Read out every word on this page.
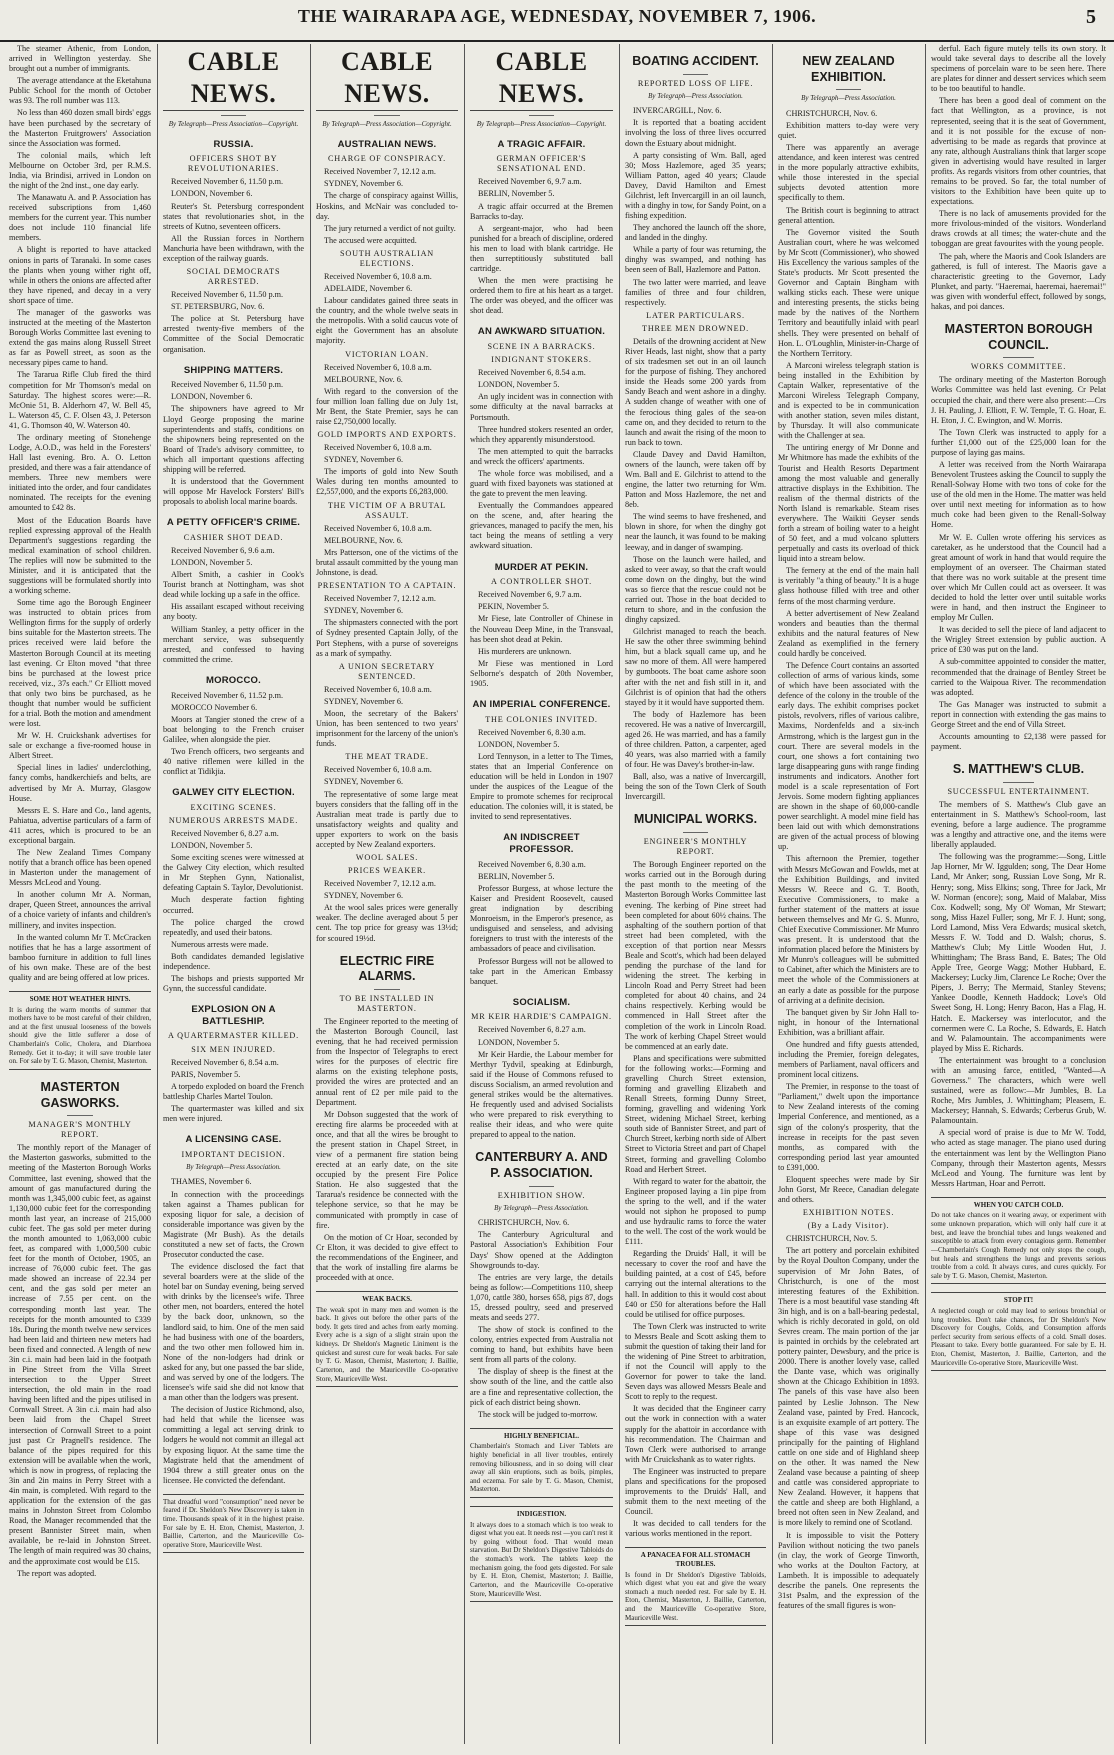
THE WAIRARAPA AGE, WEDNESDAY, NOVEMBER 7, 1906.	5

The steamer Athenic, from London, arrived in Wellington yesterday. She brought out a number of immigrants.

The average attendance at the Eketahuna Public School for the month of October was 93. The roll number was 113.

No less than 460 dozen small birds' eggs have been purchased by the secretary of the Masterton Fruitgrowers' Association since the Association was formed.

The colonial mails, which left Melbourne on October 3rd, per R.M.S. India, via Brindisi, arrived in London on the night of the 2nd inst., one day early.

The Manawatu A. and P. Association has received subscriptions from 1,460 members for the current year. This number does not include 110 financial life members.

A blight is reported to have attacked onions in parts of Taranaki. In some cases the plants when young wither right off, while in others the onions are affected after they have ripened, and decay in a very short space of time.

The manager of the gasworks was instructed at the meeting of the Masterton Borough Works Committee last evening to extend the gas mains along Russell Street as far as Powell street, as soon as the necessary pipes came to hand.

The Tararua Rifle Club fired the third competition for Mr Thomson's medal on Saturday. The highest scores were:—R. McOnie 51, B. Alderhorn 47, W. Bell 45, L. Waterson 45, C. F. Olsen 43, J. Peterson 41, G. Thomson 40, W. Waterson 40.

The ordinary meeting of Stonehenge Lodge, A.O.D., was held in the Foresters' Hall last evening. Bro. A. O. Letton presided, and there was a fair attendance of members. Three new members were initiated into the order, and four candidates nominated. The receipts for the evening amounted to £42 8s.

Most of the Education Boards have replied expressing approval of the Health Department's suggestions regarding the medical examination of school children. The replies will now be submitted to the Minister, and it is anticipated that the suggestions will be formulated shortly into a working scheme.

Some time ago the Borough Engineer was instructed to obtain prices from Wellington firms for the supply of orderly bins suitable for the Masterton streets. The prices received were laid before the Masterton Borough Council at its meeting last evening. Cr Elton moved "that three bins be purchased at the lowest price received, viz., 37s each." Cr Elliott moved that only two bins be purchased, as he thought that number would be sufficient for a trial. Both the motion and amendment were lost.

Mr W. H. Cruickshank advertises for sale or exchange a five-roomed house in Albert Street.

Special lines in ladies' underclothing, fancy combs, handkerchiefs and belts, are advertised by Mr A. Murray, Glasgow House.

Messrs E. S. Hare and Co., land agents, Pahiatua, advertise particulars of a farm of 411 acres, which is procured to be an exceptional bargain.

The New Zealand Times Company notify that a branch office has been opened in Masterton under the management of Messrs McLeod and Young.

In another column Mr A. Norman, draper, Queen Street, announces the arrival of a choice variety of infants and children's millinery, and invites inspection.

In the wanted column Mr T. McCracken notifies that he has a large assortment of bamboo furniture in addition to full lines of his own make. These are of the best quality and are being offered at low prices.

SOME HOT WEATHER HINTS.
It is during the warm months of summer that mothers have to be most careful of their children, and at the first unusual looseness of the bowels should give the little sufferer a dose of Chamberlain's Colic, Cholera, and Diarrhoea Remedy. Get it to-day; it will save trouble later on. For sale by T. G. Mason, Chemist, Masterton.
MASTERTON GASWORKS.
MANAGER'S MONTHLY REPORT.

The monthly report of the Manager of the Masterton gasworks, submitted to the meeting of the Masterton Borough Works Committee, last evening, showed that the amount of gas manufactured during the month was 1,345,000 cubic feet, as against 1,130,000 cubic feet for the corresponding month last year, an increase of 215,000 cubic feet. The gas sold per meter during the month amounted to 1,063,000 cubic feet, as compared with 1,000,500 cubic feet for the month of October, 1905, an increase of 76,000 cubic feet. The gas made showed an increase of 22.34 per cent, and the gas sold per meter an increase of 7.55 per cent. on the corresponding month last year. The receipts for the month amounted to £339 18s. During the month twelve new services had been laid and thirteen new meters had been fixed and connected. A length of new 3in c.i. main had been laid in the footpath in Pine Street from the Villa Street intersection to the Upper Street intersection, the old main in the road having been lifted and the pipes utilised in Cornwall Street. A 3in c.i. main had also been laid from the Chapel Street intersection of Cornwall Street to a point just past Cr Pragnell's residence. The balance of the pipes required for this extension will be available when the work, which is now in progress, of replacing the 3in and 2in mains in Perry Street with a 4in main, is completed. With regard to the application for the extension of the gas mains in Johnston Street from Colombo Road, the Manager recommended that the present Bannister Street main, when available, be re-laid in Johnston Street. The length of main required was 30 chains, and the approximate cost would be £15.

The report was adopted.

CABLE NEWS.
By Telegraph—Press Association—Copyright.
RUSSIA.
OFFICERS SHOT BY REVOLUTIONARIES.

Received November 6, 11.50 p.m.

LONDON, November 6.

Reuter's St. Petersburg correspondent states that revolutionaries shot, in the streets of Kutno, seventeen officers.

All the Russian forces in Northern Manchuria have been withdrawn, with the exception of the railway guards.

SOCIAL DEMOCRATS ARRESTED.

Received November 6, 11.50 p.m.

ST. PETERSBURG, Nov. 6.

The police at St. Petersburg have arrested twenty-five members of the Committee of the Social Democratic organisation.

SHIPPING MATTERS.

Received November 6, 11.50 p.m.

LONDON, November 6.

The shipowners have agreed to Mr Lloyd George proposing the marine superintendents and staffs, conditions on the shipowners being represented on the Board of Trade's advisory committee, to which all important questions affecting shipping will be referred.

It is understood that the Government will oppose Mr Havelock Forsters' Bill's proposals to abolish local marine boards.

A PETTY OFFICER'S CRIME.
CASHIER SHOT DEAD.

Received November 6, 9.6 a.m.

LONDON, November 5.

Albert Smith, a cashier in Cook's Tourist branch at Nottingham, was shot dead while locking up a safe in the office.

His assailant escaped without receiving any booty.

William Stanley, a petty officer in the merchant service, was subsequently arrested, and confessed to having committed the crime.

MOROCCO.

Received November 6, 11.52 p.m.

MOROCCO November 6.

Moors at Tangier stoned the crew of a boat belonging to the French cruiser Galilee, when alongside the pier.

Two French officers, two sergeants and 40 native riflemen were killed in the conflict at Tidikjia.

GALWEY CITY ELECTION.
EXCITING SCENES.
NUMEROUS ARRESTS MADE.

Received November 6, 8.27 a.m.

LONDON, November 5.

Some exciting scenes were witnessed at the Galwey City election, which resulted in Mr Stephen Gynn, Nationalist, defeating Captain S. Taylor, Devolutionist.

Much desperate faction fighting occurred.

The police charged the crowd repeatedly, and used their batons.

Numerous arrests were made.

Both candidates demanded legislative independence.

The bishops and priests supported Mr Gynn, the successful candidate.

EXPLOSION ON A BATTLESHIP.
A QUARTERMASTER KILLED.
SIX MEN INJURED.

Received November 6, 8.54 a.m.

PARIS, November 5.

A torpedo exploded on board the French battleship Charles Martel Toulon.

The quartermaster was killed and six men were injured.

A LICENSING CASE.
IMPORTANT DECISION.
By Telegraph—Press Association.

THAMES, November 6.

In connection with the proceedings taken against a Thames publican for exposing liquor for sale, a decision of considerable importance was given by the Magistrate (Mr Bush). As the details constituted a new set of facts, the Crown Prosecutor conducted the case.

The evidence disclosed the fact that several boarders were at the slide of the hotel bar on Sunday evening, being served with drinks by the licensee's wife. Three other men, not boarders, entered the hotel by the back door, unknown, so the landlord said, to him. One of the men said he had business with one of the boarders, and the two other men followed him in. None of the non-lodgers had drink or asked for any, but one passed the bar slide, and was served by one of the lodgers. The licensee's wife said she did not know that a man other than the lodgers was present.

The decision of Justice Richmond, also, had held that while the licensee was committing a legal act serving drink to lodgers he would not commit an illegal act by exposing liquor. At the same time the Magistrate held that the amendment of 1904 threw a still greater onus on the licensee. He convicted the defendant.

That dreadful word "consumption" need never be feared if Dr. Sheldon's New Discovery is taken in time. Thousands speak of it in the highest praise. For sale by E. H. Eton, Chemist, Masterton, J. Baillie, Carterton, and the Mauriceville Co-operative Store, Mauriceville West.
CABLE NEWS.
By Telegraph—Press Association—Copyright.
AUSTRALIAN NEWS.
CHARGE OF CONSPIRACY.

Received November 7, 12.12 a.m.

SYDNEY, November 6.

The charge of conspiracy against Willis, Hoskins, and McNair was concluded to-day.

The jury returned a verdict of not guilty.

The accused were acquitted.

SOUTH AUSTRALIAN ELECTIONS.

Received November 6, 10.8 a.m.

ADELAIDE, November 6.

Labour candidates gained three seats in the country, and the whole twelve seats in the metropolis. With a solid caucus vote of eight the Government has an absolute majority.

VICTORIAN LOAN.

Received November 6, 10.8 a.m.

MELBOURNE, Nov. 6.

With regard to the conversion of the four million loan falling due on July 1st, Mr Bent, the State Premier, says he can raise £2,750,000 locally.

GOLD IMPORTS AND EXPORTS.

Received November 6, 10.8 a.m.

SYDNEY, November 6.

The imports of gold into New South Wales during ten months amounted to £2,557,000, and the exports £6,283,000.

THE VICTIM OF A BRUTAL ASSAULT.

Received November 6, 10.8 a.m.

MELBOURNE, Nov. 6.

Mrs Patterson, one of the victims of the brutal assault committed by the young man Johnstone, is dead.

PRESENTATION TO A CAPTAIN.

Received November 7, 12.12 a.m.

SYDNEY, November 6.

The shipmasters connected with the port of Sydney presented Captain Jolly, of the Port Stephens, with a purse of sovereigns as a mark of sympathy.

A UNION SECRETARY SENTENCED.

Received November 6, 10.8 a.m.

SYDNEY, November 6.

Moon, the secretary of the Bakers' Union, has been sentenced to two years' imprisonment for the larceny of the union's funds.

THE MEAT TRADE.

Received November 6, 10.8 a.m.

SYDNEY, November 6.

The representative of some large meat buyers considers that the falling off in the Australian meat trade is partly due to unsatisfactory weights and quality and upper exporters to work on the basis accepted by New Zealand exporters.

WOOL SALES.
PRICES WEAKER.

Received November 7, 12.12 a.m.

SYDNEY, November 6.

At the wool sales prices were generally weaker. The decline averaged about 5 per cent. The top price for greasy was 13½d; for scoured 19½d.

ELECTRIC FIRE ALARMS.
TO BE INSTALLED IN MASTERTON.

The Engineer reported to the meeting of the Masterton Borough Council, last evening, that he had received permission from the Inspector of Telegraphs to erect wires for the purposes of electric fire alarms on the existing telephone posts, provided the wires are protected and an annual rent of £2 per mile paid to the Department.

Mr Dobson suggested that the work of erecting fire alarms be proceeded with at once, and that all the wires be brought to the present station in Chapel Street, in view of a permanent fire station being erected at an early date, on the site occupied by the present Fire Police Station. He also suggested that the Tararua's residence be connected with the telephone service, so that he may be communicated with promptly in case of fire.

On the motion of Cr Hoar, seconded by Cr Elton, it was decided to give effect to the recommendations of the Engineer, and that the work of installing fire alarms be proceeded with at once.

WEAK BACKS.
The weak spot in many men and women is the back. It gives out before the other parts of the body. It gets tired and aches from early morning. Every ache is a sign of a slight strain upon the kidneys. Dr Sheldon's Magnetic Liniment is the quickest and surest cure for weak backs. For sale by T. G. Mason, Chemist, Masterton; J. Baillie, Carterton, and the Mauriceville Co-operative Store, Mauriceville West.
CABLE NEWS.
By Telegraph—Press Association—Copyright.
A TRAGIC AFFAIR.
GERMAN OFFICER'S SENSATIONAL END.

Received November 6, 9.7 a.m.

BERLIN, November 5.

A tragic affair occurred at the Bremen Barracks to-day.

A sergeant-major, who had been punished for a breach of discipline, ordered his men to load with blank cartridge. He then surreptitiously substituted ball cartridge.

When the men were practising he ordered them to fire at his heart as a target. The order was obeyed, and the officer was shot dead.

AN AWKWARD SITUATION.
SCENE IN A BARRACKS.
INDIGNANT STOKERS.

Received November 6, 8.54 a.m.

LONDON, November 5.

An ugly incident was in connection with some difficulty at the naval barracks at Portsmouth.

Three hundred stokers resented an order, which they apparently misunderstood.

The men attempted to quit the barracks and wreck the officers' apartments.

The whole force was mobilised, and a guard with fixed bayonets was stationed at the gate to prevent the men leaving.

Eventually the Commandoes appeared on the scene, and, after hearing the grievances, managed to pacify the men, his tact being the means of settling a very awkward situation.

MURDER AT PEKIN.
A CONTROLLER SHOT.

Received November 6, 9.7 a.m.

PEKIN, November 5.

Mr Fiese, late Controller of Chinese in the Nouveau Deep Mine, in the Transvaal, has been shot dead at Pekin.

His murderers are unknown.

Mr Fiese was mentioned in Lord Selborne's despatch of 20th November, 1905.

AN IMPERIAL CONFERENCE.
THE COLONIES INVITED.

Received November 6, 8.30 a.m.

LONDON, November 5.

Lord Tennyson, in a letter to The Times, states that an Imperial Conference on education will be held in London in 1907 under the auspices of the League of the Empire to promote schemes for reciprocal education. The colonies will, it is stated, be invited to send representatives.

AN INDISCREET PROFESSOR.

Received November 6, 8.30 a.m.

BERLIN, November 5.

Professor Burgess, at whose lecture the Kaiser and President Roosevelt, caused great indignation by describing Monroeism, in the Emperor's presence, as undisguised and senseless, and advising foreigners to trust with the interests of the ambassadors of peace and civilisation.

Professor Burgess will not be allowed to take part in the American Embassy banquet.

SOCIALISM.
MR KEIR HARDIE'S CAMPAIGN.

Received November 6, 8.27 a.m.

LONDON, November 5.

Mr Keir Hardie, the Labour member for Merthyr Tydvil, speaking at Edinburgh, said if the House of Commons refused to discuss Socialism, an armed revolution and general strikes would be the alternatives. He frequently used and advised Socialists who were prepared to risk everything to realise their ideas, and who were quite prepared to appeal to the nation.

CANTERBURY A. AND P. ASSOCIATION.
EXHIBITION SHOW.
By Telegraph—Press Association.

CHRISTCHURCH, Nov. 6.

The Canterbury Agricultural and Pastoral Association's Exhibition Four Days' Show opened at the Addington Showgrounds to-day.

The entries are very large, the details being as follow:—Competitions 110, sheep 1,070, cattle 380, horses 658, pigs 87, dogs 15, dressed poultry, seed and preserved meats and seeds 277.

The show of stock is confined to the colony, entries expected from Australia not coming to hand, but exhibits have been sent from all parts of the colony.

The display of sheep is the finest at the show south of the line, and the cattle also are a fine and representative collection, the pick of each district being shown.

The stock will be judged to-morrow.

HIGHLY BENEFICIAL.
Chamberlain's Stomach and Liver Tablets are highly beneficial in all liver troubles, entirely removing biliousness, and in so doing will clear away all skin eruptions, such as boils, pimples, and eczema. For sale by T. G. Mason, Chemist, Masterton.
INDIGESTION.
It always does to a stomach which is too weak to digest what you eat. It needs rest —you can't rest it by going without food. That would mean starvation. But Dr Sheldon's Digestive Tabloids do the stomach's work. The tablets keep the mechanism going, the food gets digested. For sale by E. H. Eton, Chemist, Masterton; J. Baillie, Carterton, and the Mauriceville Co-operative Store, Mauriceville West.
BOATING ACCIDENT.
REPORTED LOSS OF LIFE.
By Telegraph—Press Association.

INVERCARGILL, Nov. 6.

It is reported that a boating accident involving the loss of three lives occurred down the Estuary about midnight.

A party consisting of Wm. Ball, aged 30; Moss Hazlemore, aged 35 years; William Patton, aged 40 years; Claude Davey, David Hamilton and Ernest Gilchrist, left Invercargill in an oil launch, with a dinghy in tow, for Sandy Point, on a fishing expedition.

They anchored the launch off the shore, and landed in the dinghy.

While a party of four was returning, the dinghy was swamped, and nothing has been seen of Ball, Hazlemore and Patton.

The two latter were married, and leave families of three and four children, respectively.

LATER PARTICULARS.
THREE MEN DROWNED.

Details of the drowning accident at New River Heads, last night, show that a party of six tradesmen set out in an oil launch for the purpose of fishing. They anchored inside the Heads some 200 yards from Sandy Beach and went ashore in a dinghy. A sudden change of weather with one of the ferocious thing gales of the sea-on came on, and they decided to return to the launch and await the rising of the moon to run back to town.

Claude Davey and David Hamilton, owners of the launch, were taken off by Wm. Ball and E. Gilchrist to attend to the engine, the latter two returning for Wm. Patton and Moss Hazlemore, the net and 8eb.

The wind seems to have freshened, and blown in shore, for when the dinghy got near the launch, it was found to be making leeway, and in danger of swamping.

Those on the launch were hailed, and asked to veer away, so that the craft would come down on the dinghy, but the wind was so fierce that the rescue could not be carried out. Those in the boat decided to return to shore, and in the confusion the dinghy capsized.

Gilchrist managed to reach the beach. He saw the other three swimming behind him, but a black squall came up, and he saw no more of them. All were hampered by gumboots. The boat came ashore soon after with the net and fish still in it, and Gilchrist is of opinion that had the others stayed by it it would have supported them.

The body of Hazlemore has been recovered. He was a native of Invercargill, aged 26. He was married, and has a family of three children. Patton, a carpenter, aged 40 years, was also married with a family of four. He was Davey's brother-in-law.

Ball, also, was a native of Invercargill, being the son of the Town Clerk of South Invercargill.

MUNICIPAL WORKS.
ENGINEER'S MONTHLY REPORT.

The Borough Engineer reported on the works carried out in the Borough during the past month to the meeting of the Masterton Borough Works Committee last evening. The kerbing of Pine street had been completed for about 60½ chains. The asphalting of the southern portion of that street had been completed, with the exception of that portion near Messrs Beale and Scott's, which had been delayed pending the purchase of the land for widening the street. The kerbing in Lincoln Road and Perry Street had been completed for about 40 chains, and 24 chains respectively. Kerbing would be commenced in Hall Street after the completion of the work in Lincoln Road. The work of kerbing Chapel Street would be commenced at an early date.

Plans and specifications were submitted for the following works:—Forming and gravelling Church Street extension, forming and gravelling Elizabeth and Renall Streets, forming Dunny Street, forming, gravelling and widening York Street, widening Michael Street, kerbing south side of Bannister Street, and part of Church Street, kerbing north side of Albert Street to Victoria Street and part of Chapel Street, forming and gravelling Colombo Road and Herbert Street.

With regard to water for the abattoir, the Engineer proposed laying a 1in pipe from the spring to the well, and if the water would not siphon he proposed to pump and use hydraulic rams to force the water to the well. The cost of the work would be £111.

Regarding the Druids' Hall, it will be necessary to cover the roof and have the building painted, at a cost of £45, before carrying out the internal alterations to the hall. In addition to this it would cost about £40 or £50 for alterations before the Hall could be utilised for office purposes.

The Town Clerk was instructed to write to Messrs Beale and Scott asking them to submit the question of taking their land for the widening of Pine Street to arbitration, if not the Council will apply to the Governor for power to take the land. Seven days was allowed Messrs Beale and Scott to reply to the request.

It was decided that the Engineer carry out the work in connection with a water supply for the abattoir in accordance with his recommendation. The Chairman and Town Clerk were authorised to arrange with Mr Cruickshank as to water rights.

The Engineer was instructed to prepare plans and specifications for the proposed improvements to the Druids' Hall, and submit them to the next meeting of the Council.

It was decided to call tenders for the various works mentioned in the report.

A PANACEA FOR ALL STOMACH TROUBLES.
Is found in Dr Sheldon's Digestive Tabloids, which digest what you eat and give the weary stomach a much needed rest. For sale by E. H. Eton, Chemist, Masterton, J. Baillie, Carterton, and the Mauriceville Co-operative Store, Mauriceville West.
NEW ZEALAND EXHIBITION.
By Telegraph—Press Association.

CHRISTCHURCH, Nov. 6.

Exhibition matters to-day were very quiet.

There was apparently an average attendance, and keen interest was centred in the more popularly attractive exhibits, while those interested in the special subjects devoted attention more specifically to them.

The British court is beginning to attract general attention.

The Governor visited the South Australian court, where he was welcomed by Mr Scott (Commissioner), who showed His Excellency the various samples of the State's products. Mr Scott presented the Governor and Captain Bingham with walking sticks each. These were unique and interesting presents, the sticks being made by the natives of the Northern Territory and beautifully inlaid with pearl shells. They were presented on behalf of Hon. L. O'Loughlin, Minister-in-Charge of the Northern Territory.

A Marconi wireless telegraph station is being installed in the Exhibition by Captain Walker, representative of the Marconi Wireless Telegraph Company, and is expected to be in communication with another station, seven miles distant, by Thursday. It will also communicate with the Challenger at sea.

The untiring energy of Mr Donne and Mr Whitmore has made the exhibits of the Tourist and Health Resorts Department among the most valuable and generally attractive displays in the Exhibition. The realism of the thermal districts of the North Island is remarkable. Steam rises everywhere. The Waikiti Geyser sends forth a stream of boiling water to a height of 50 feet, and a mud volcano splutters perpetually and casts its overload of thick liquid into a stream below.

The fernery at the end of the main hall is veritably "a thing of beauty." It is a huge glass hothouse filled with tree and other ferns of the most charming verdure.

A better advertisement of New Zealand wonders and beauties than the thermal exhibits and the natural features of New Zealand as exemplified in the fernery could hardly be conceived.

The Defence Court contains an assorted collection of arms of various kinds, some of which have been associated with the defence of the colony in the trouble of the early days. The exhibit comprises pocket pistols, revolvers, rifles of various calibre, Maxims, Nordenfelds and a six-inch Armstrong, which is the largest gun in the court. There are several models in the court, one shows a fort containing two large disappearing guns with range finding instruments and indicators. Another fort model is a scale representation of Fort Jervois. Some modern fighting appliances are shown in the shape of 60,000-candle power searchlight. A model mine field has been laid out with which demonstrations are given of the actual process of blowing up.

This afternoon the Premier, together with Messrs McGowan and Fowlds, met at the Exhibition Buildings, and invited Messrs W. Reece and G. T. Booth, Executive Commissioners, to make a further statement of the matters at issue between themselves and Mr G. S. Munro, Chief Executive Commissioner. Mr Munro was present. It is understood that the information placed before the Ministers by Mr Munro's colleagues will be submitted to Cabinet, after which the Ministers are to meet the whole of the Commissioners at an early a date as possible for the purpose of arriving at a definite decision.

The banquet given by Sir John Hall to-night, in honour of the International Exhibition, was a brilliant affair.

One hundred and fifty guests attended, including the Premier, foreign delegates, members of Parliament, naval officers and prominent local citizens.

The Premier, in response to the toast of "Parliament," dwelt upon the importance to New Zealand interests of the coming Imperial Conference, and mentioned, as a sign of the colony's prosperity, that the increase in receipts for the past seven months, as compared with the corresponding period last year amounted to £391,000.

Eloquent speeches were made by Sir John Gorst, Mr Reece, Canadian delegate and others.

EXHIBITION NOTES.
(By a Lady Visitor).

CHRISTCHURCH, Nov. 5.

The art pottery and porcelain exhibited by the Royal Doulton Company, under the supervision of Mr John Bates, of Christchurch, is one of the most interesting features of the Exhibition. There is a most beautiful vase standing 4ft 3in high, and is on a ball-bearing pedestal, which is richly decorated in gold, on old Sevres cream. The main portion of the jar is painted in orchids by the celebrated art pottery painter, Dewsbury, and the price is 2000. There is another lovely vase, called the Dante vase, which was originally shown at the Chicago Exhibition in 1893. The panels of this vase have also been painted by Leslie Johnson. The New Zealand vase, painted by Fred. Hancock, is an exquisite example of art pottery. The shape of this vase was designed principally for the painting of Highland cattle on one side and of Highland sheep on the other. It was named the New Zealand vase because a painting of sheep and cattle was considered appropriate to New Zealand. However, it happens that the cattle and sheep are both Highland, a breed not often seen in New Zealand, and is more likely to remind one of Scotland.

It is impossible to visit the Pottery Pavilion without noticing the two panels (in clay, the work of George Tinworth, who works at the Doulton Factory, at Lambeth. It is impossible to adequately describe the panels. One represents the 31st Psalm, and the expression of the features of the small figures is won-

derful. Each figure mutely tells its own story. It would take several days to describe all the lovely specimens of porcelain ware to be seen here. There are plates for dinner and dessert services which seem to be too beautiful to handle.

There has been a good deal of comment on the fact that Wellington, as a province, is not represented, seeing that it is the seat of Government, and it is not possible for the excuse of non-advertising to be made as regards that province at any rate, although Australians think that larger scope given in advertising would have resulted in larger profits. As regards visitors from other countries, that remains to be proved. So far, the total number of visitors to the Exhibition have been quite up to expectations.

There is no lack of amusements provided for the more frivolous-minded of the visitors. Wonderland draws crowds at all times; the water-chute and the toboggan are great favourites with the young people.

The pah, where the Maoris and Cook Islanders are gathered, is full of interest. The Maoris gave a characteristic greeting to the Governor, Lady Plunket, and party. "Haeremai, haeremai, haeremai!" was given with wonderful effect, followed by songs, hakas, and poi dances.

MASTERTON BOROUGH COUNCIL.
WORKS COMMITTEE.

The ordinary meeting of the Masterton Borough Works Committee was held last evening. Cr Pelat occupied the chair, and there were also present:—Crs J. H. Pauling, J. Elliott, F. W. Temple, T. G. Hoar, E. H. Eton, J. C. Ewington, and W. Morris.

The Town Clerk was instructed to apply for a further £1,000 out of the £25,000 loan for the purpose of laying gas mains.

A letter was received from the North Wairarapa Benevolent Trustees asking the Council to supply the Renall-Solway Home with two tons of coke for the use of the old men in the Home. The matter was held over until next meeting for information as to how much coke had been given to the Renall-Solway Home.

Mr W. E. Cullen wrote offering his services as caretaker, as he understood that the Council had a great amount of work in hand that would require the employment of an overseer. The Chairman stated that there was no work suitable at the present time over which Mr Cullen could act as overseer. It was decided to hold the letter over until suitable works were in hand, and then instruct the Engineer to employ Mr Cullen.

It was decided to sell the piece of land adjacent to the Wrigley Street extension by public auction. A price of £30 was put on the land.

A sub-committee appointed to consider the matter, recommended that the drainage of Bentley Street be carried to the Waipoua River. The recommendation was adopted.

The Gas Manager was instructed to submit a report in connection with extending the gas mains to George Street and the end of Villa Street.

Accounts amounting to £2,138 were passed for payment.

S. MATTHEW'S CLUB.
SUCCESSFUL ENTERTAINMENT.

The members of S. Matthew's Club gave an entertainment in S. Matthew's School-room, last evening, before a large audience. The programme was a lengthy and attractive one, and the items were liberally applauded.

The following was the programme:—Song, Little Jap Horner, Mr W. Iggulden; song, The Dear Home Land, Mr Anker; song, Russian Love Song, Mr R. Henry; song, Miss Elkins; song, Three for Jack, Mr W. Norman (encore); song, Maid of Malabar, Miss Cox. Kodwell; song, My Ol' Woman, Mr Stewart; song, Miss Hazel Fuller; song, Mr F. J. Hunt; song, Lord Lamond, Miss Vera Edwards; musical sketch, Messrs F. W. Todd and D. Walsh; chorus, S. Matthew's Club; My Little Wooden Hut, J. Whittingham; The Brass Band, E. Bates; The Old Apple Tree, George Wagg; Mother Hubbard, E. Mackersey; Lucky Jim, Clarence Le Roche; Over the Pipers, J. Berry; The Mermaid, Stanley Stevens; Yankee Doodle, Kenneth Haddock; Love's Old Sweet Song, H. Long; Henry Bacon, Has a Flag, H. Hatch. E. Mackersey was interlocutor, and the cornermen were C. La Roche, S. Edwards, E. Hatch and W. Palamountain. The accompaniments were played by Miss E. Richards.

The entertainment was brought to a conclusion with an amusing farce, entitled, "Wanted—A Governess." The characters, which were well sustained, were as follow:—Mr Jumbles, B. La Roche, Mrs Jumbles, J. Whittingham; Pleasem, E. Mackersey; Hannah, S. Edwards; Cerberus Grub, W. Palamountain.

A special word of praise is due to Mr W. Todd, who acted as stage manager. The piano used during the entertainment was lent by the Wellington Piano Company, through their Masterton agents, Messrs McLeod and Young. The furniture was lent by Messrs Hartman, Hoar and Perrott.

WHEN YOU CATCH COLD.
Do not take chances on it wearing away, or experiment with some unknown preparation, which will only half cure it at best, and leave the bronchial tubes and lungs weakened and susceptible to attack from every contagious germ. Remember—Chamberlain's Cough Remedy not only stops the cough, but heals and strengthens the lungs and prevents serious trouble from a cold. It always cures, and cures quickly. For sale by T. G. Mason, Chemist, Masterton.
STOP IT!
A neglected cough or cold may lead to serious bronchial or lung troubles. Don't take chances, for Dr Sheldon's New Discovery for Coughs, Colds, and Consumption affords perfect security from serious effects of a cold. Small doses. Pleasant to take. Every bottle guaranteed. For sale by E. H. Eton, Chemist, Masterton, J. Baillie, Carterton, and the Mauriceville Co-operative Store, Mauriceville West.
